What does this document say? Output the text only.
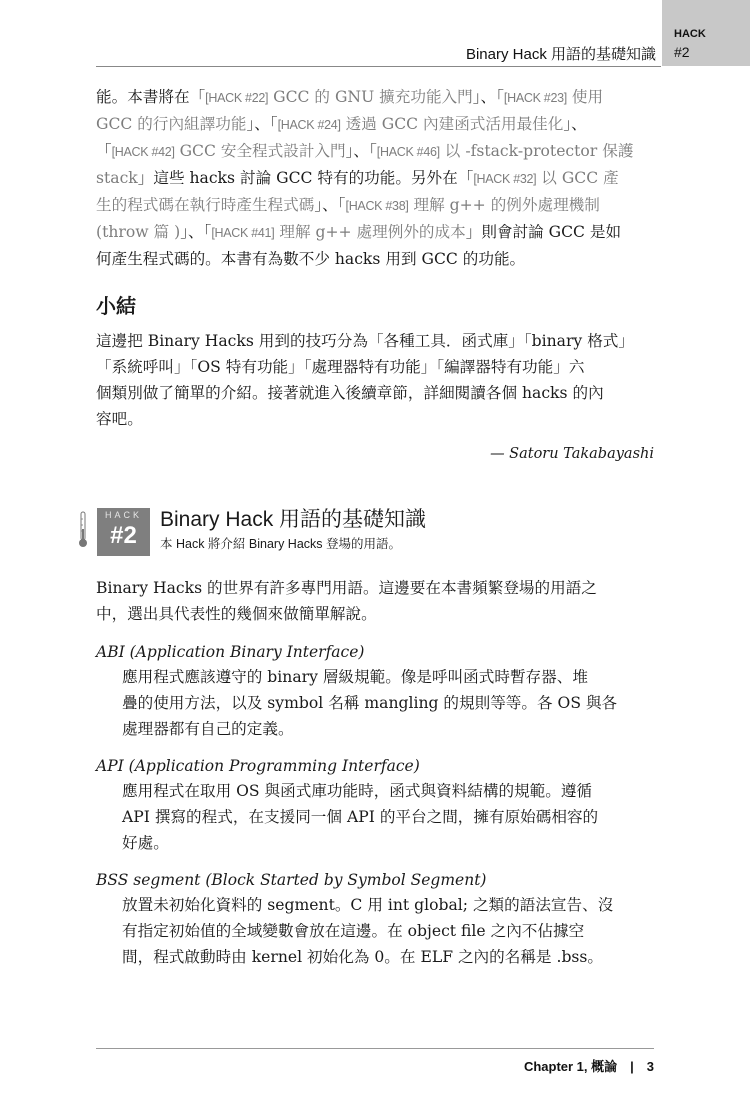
Binary Hack 用語的基礎知識
HACK
#2
能。本書將在「[HACK #22] GCC 的 GNU 擴充功能入門」、「[HACK #23] 使用
GCC 的行內組譯功能」、「[HACK #24] 透過 GCC 內建函式活用最佳化」、
「[HACK #42] GCC 安全程式設計入門」、「[HACK #46] 以 -fstack-protector 保護
stack」這些 hacks 討論 GCC 特有的功能。另外在「[HACK #32] 以 GCC 產
生的程式碼在執行時產生程式碼」、「[HACK #38] 理解 g++ 的例外處理機制
(throw 篇 )」、「[HACK #41] 理解 g++ 處理例外的成本」則會討論 GCC 是如
何產生程式碼的。本書有為數不少 hacks 用到 GCC 的功能。
小結
這邊把 Binary Hacks 用到的技巧分為「各種工具．函式庫」「binary 格式」
「系統呼叫」「OS 特有功能」「處理器特有功能」「編譯器特有功能」六
個類別做了簡單的介紹。接著就進入後續章節，詳細閱讀各個 hacks 的內
容吧。
— Satoru Takabayashi
HACK
#2
Binary Hack 用語的基礎知識
本 Hack 將介紹 Binary Hacks 登場的用語。
Binary Hacks 的世界有許多專門用語。這邊要在本書頻繁登場的用語之
中，選出具代表性的幾個來做簡單解說。
ABI (Application Binary Interface)
應用程式應該遵守的 binary 層級規範。像是呼叫函式時暫存器、堆
疊的使用方法，以及 symbol 名稱 mangling 的規則等等。各 OS 與各
處理器都有自己的定義。
API (Application Programming Interface)
應用程式在取用 OS 與函式庫功能時，函式與資料結構的規範。遵循
API 撰寫的程式，在支援同一個 API 的平台之間，擁有原始碼相容的
好處。
BSS segment (Block Started by Symbol Segment)
放置未初始化資料的 segment。C 用 int global; 之類的語法宣告、沒
有指定初始值的全域變數會放在這邊。在 object file 之內不佔據空
間，程式啟動時由 kernel 初始化為 0。在 ELF 之內的名稱是 .bss。
Chapter 1, 概論　|　3
